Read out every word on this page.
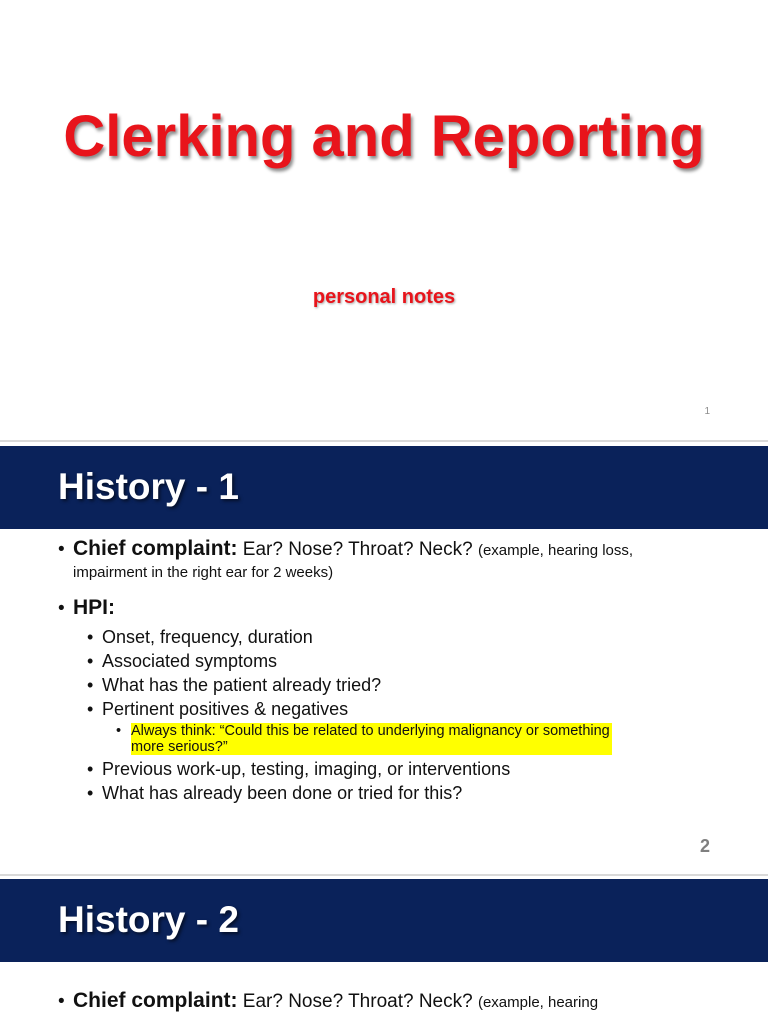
Clerking and Reporting
personal notes
1
History - 1

• Chief complaint: Ear? Nose? Throat? Neck? (example, hearing loss,

impairment in the right ear for 2 weeks)

• HPI:

• Onset, frequency, duration

• Associated symptoms

• What has the patient already tried?

• Pertinent positives & negatives

• Always think: “Could this be related to underlying malignancy or something
more serious?”

• Previous work-up, testing, imaging, or interventions

• What has already been done or tried for this?

2
History - 2

• Chief complaint: Ear? Nose? Throat? Neck? (example, hearing
